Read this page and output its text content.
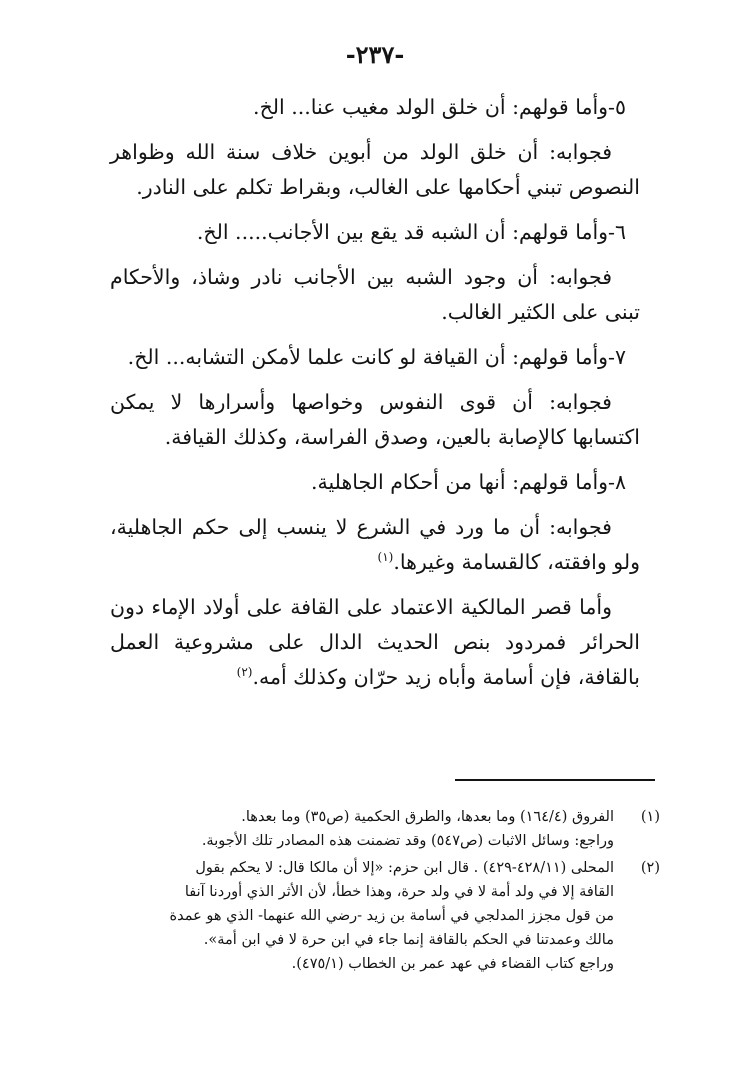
-٢٣٧-

٥-وأما قولهم: أن خلق الولد مغيب عنا... الخ.

فجوابه: أن خلق الولد من أبوين خلاف سنة الله وظواهر النصوص تبني أحكامها على الغالب، وبقراط تكلم على النادر.

٦-وأما قولهم: أن الشبه قد يقع بين الأجانب..... الخ.

فجوابه: أن وجود الشبه بين الأجانب نادر وشاذ، والأحكام تبنى على الكثير الغالب.

٧-وأما قولهم: أن القيافة لو كانت علما لأمكن التشابه... الخ.

فجوابه: أن قوى النفوس وخواصها وأسرارها لا يمكن اكتسابها كالإصابة بالعين، وصدق الفراسة، وكذلك القيافة.

٨-وأما قولهم: أنها من أحكام الجاهلية.

فجوابه: أن ما ورد في الشرع لا ينسب إلى حكم الجاهلية، ولو وافقته، كالقسامة وغيرها.$^{(١)}$

وأما قصر المالكية الاعتماد على القافة على أولاد الإماء دون الحرائر فمردود بنص الحديث الدال على مشروعية العمل بالقافة، فإن أسامة وأباه زيد حرّان وكذلك أمه.$^{(٢)}$

(١)
الفروق (١٦٤/٤) وما بعدها، والطرق الحكمية (ص٣٥) وما بعدها.
وراجع: وسائل الاثبات (ص٥٤٧) وقد تضمنت هذه المصادر تلك الأجوبة.
(٢)
المحلى (٤٢٨/١١-٤٢٩) . قال ابن حزم: «إلا أن مالكا قال: لا يحكم بقول القافة إلا في ولد أمة لا في ولد حرة، وهذا خطأ، لأن الأثر الذي أوردنا آنفا من قول مجزز المدلجي في أسامة بن زيد -رضي الله عنهما- الذي هو عمدة مالك وعمدتنا في الحكم بالقافة إنما جاء في ابن حرة لا في ابن أمة».
وراجع كتاب القضاء في عهد عمر بن الخطاب (٤٧٥/١).
